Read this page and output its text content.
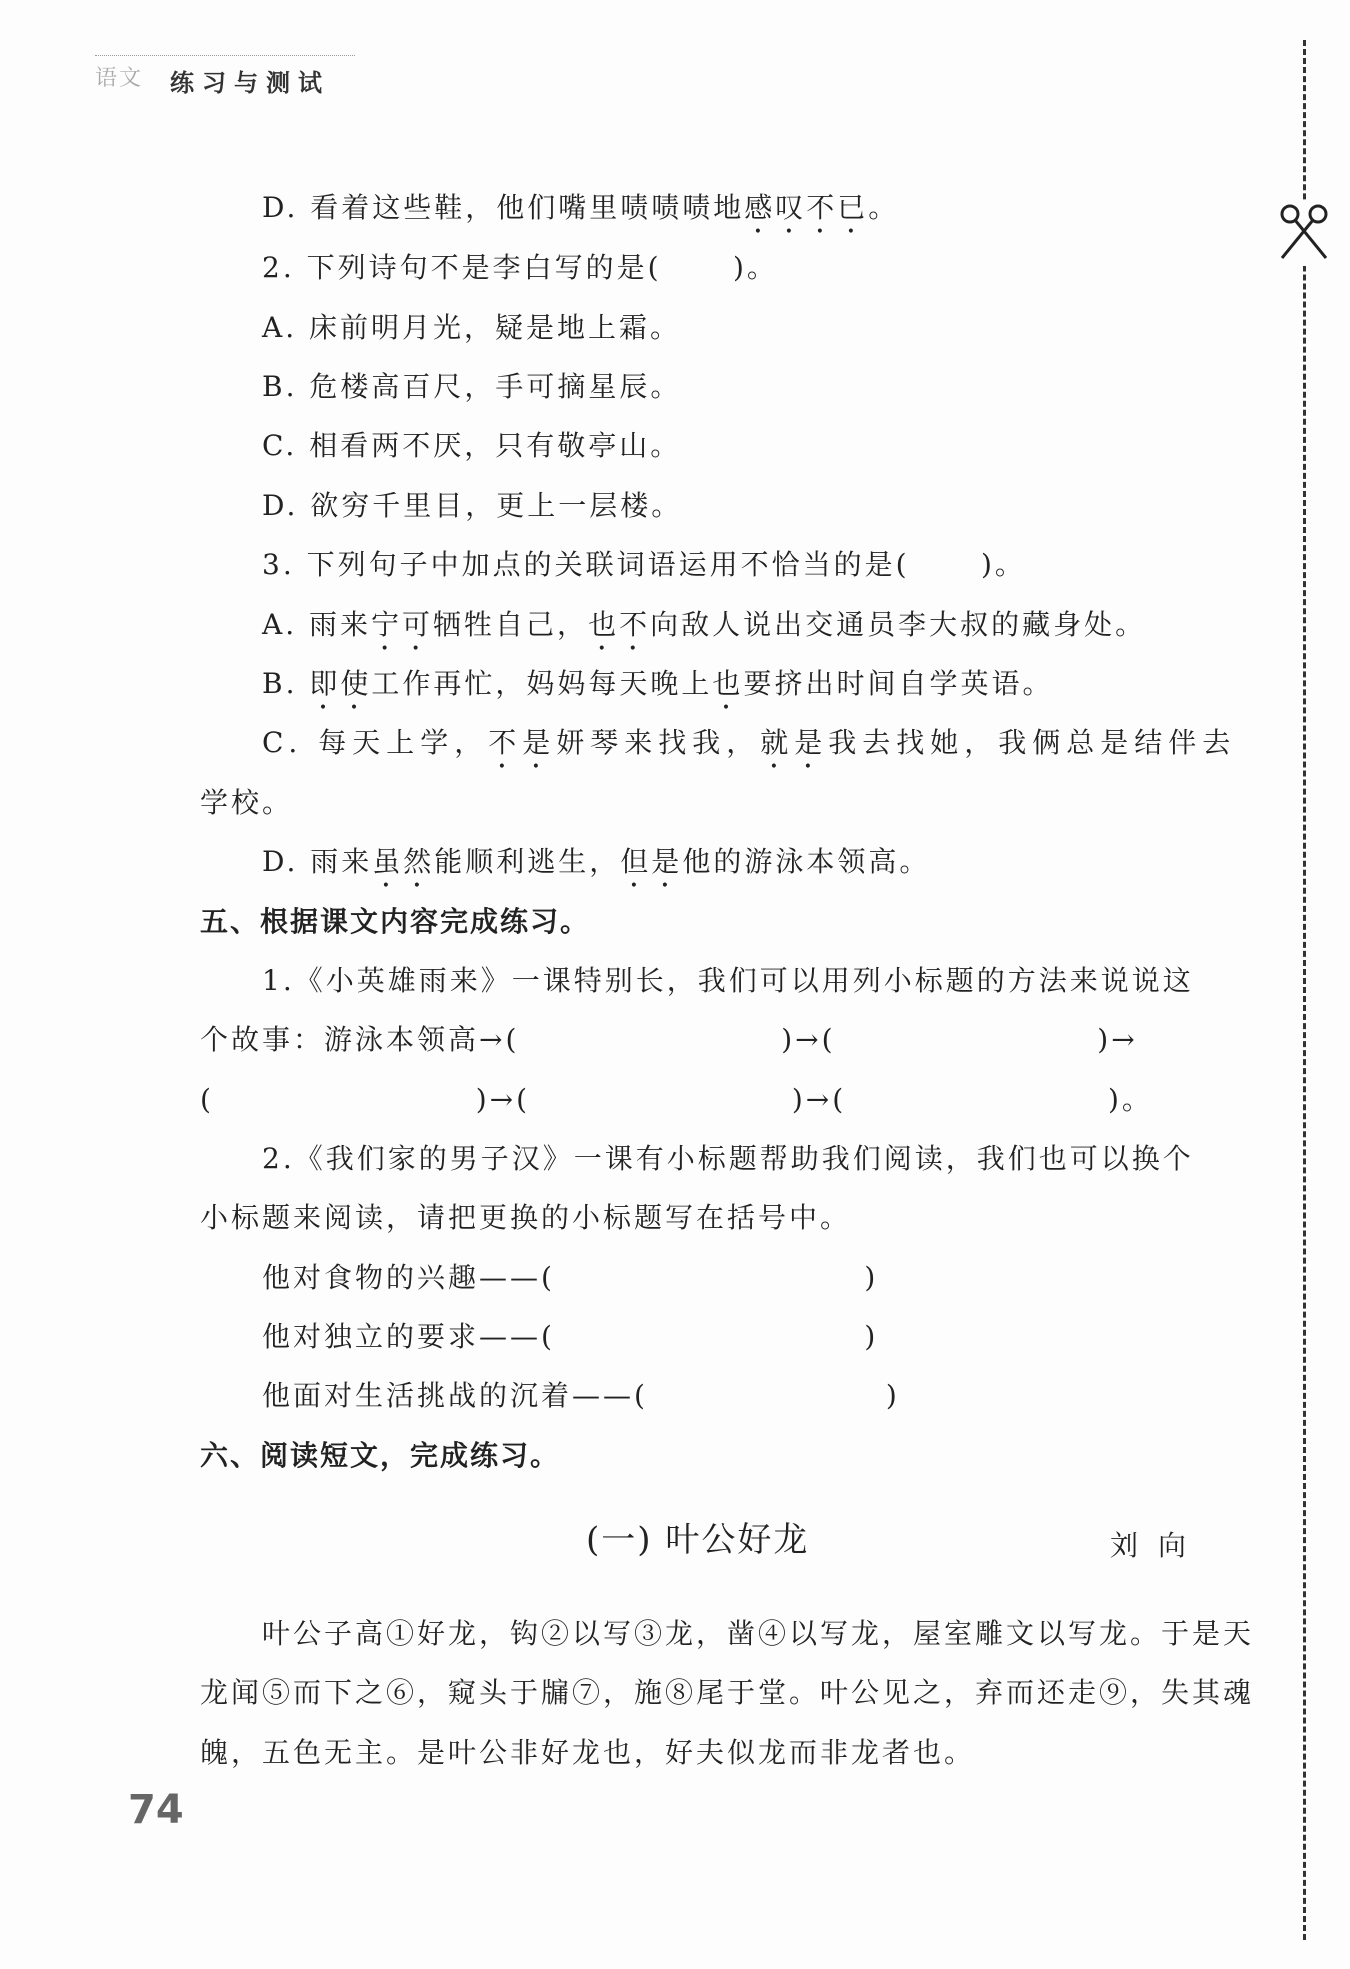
语文 练习与测试
D. 看着这些鞋，他们嘴里啧啧啧地感叹不已。
2. 下列诗句不是李白写的是(      )。
A. 床前明月光，疑是地上霜。
B. 危楼高百尺，手可摘星辰。
C. 相看两不厌，只有敬亭山。
D. 欲穷千里目，更上一层楼。
3. 下列句子中加点的关联词语运用不恰当的是(      )。
A. 雨来宁可牺牲自己，也不向敌人说出交通员李大叔的藏身处。
B. 即使工作再忙，妈妈每天晚上也要挤出时间自学英语。
C. 每天上学，不是妍琴来找我，就是我去找她，我俩总是结伴去
学校。
D. 雨来虽然能顺利逃生，但是他的游泳本领高。
五、根据课文内容完成练习。
1.《小英雄雨来》一课特别长，我们可以用列小标题的方法来说说这
个故事：游泳本领高→(                      )→(                      )→
(                      )→(                      )→(                      )。
2.《我们家的男子汉》一课有小标题帮助我们阅读，我们也可以换个
小标题来阅读，请把更换的小标题写在括号中。
他对食物的兴趣——(                          )
他对独立的要求——(                          )
他面对生活挑战的沉着——(                    )
六、阅读短文，完成练习。
(一) 叶公好龙	刘向
叶公子高①好龙，钩②以写③龙，凿④以写龙，屋室雕文以写龙。于是天
龙闻⑤而下之⑥，窥头于牖⑦，施⑧尾于堂。叶公见之，弃而还走⑨，失其魂
魄，五色无主。是叶公非好龙也，好夫似龙而非龙者也。
74
